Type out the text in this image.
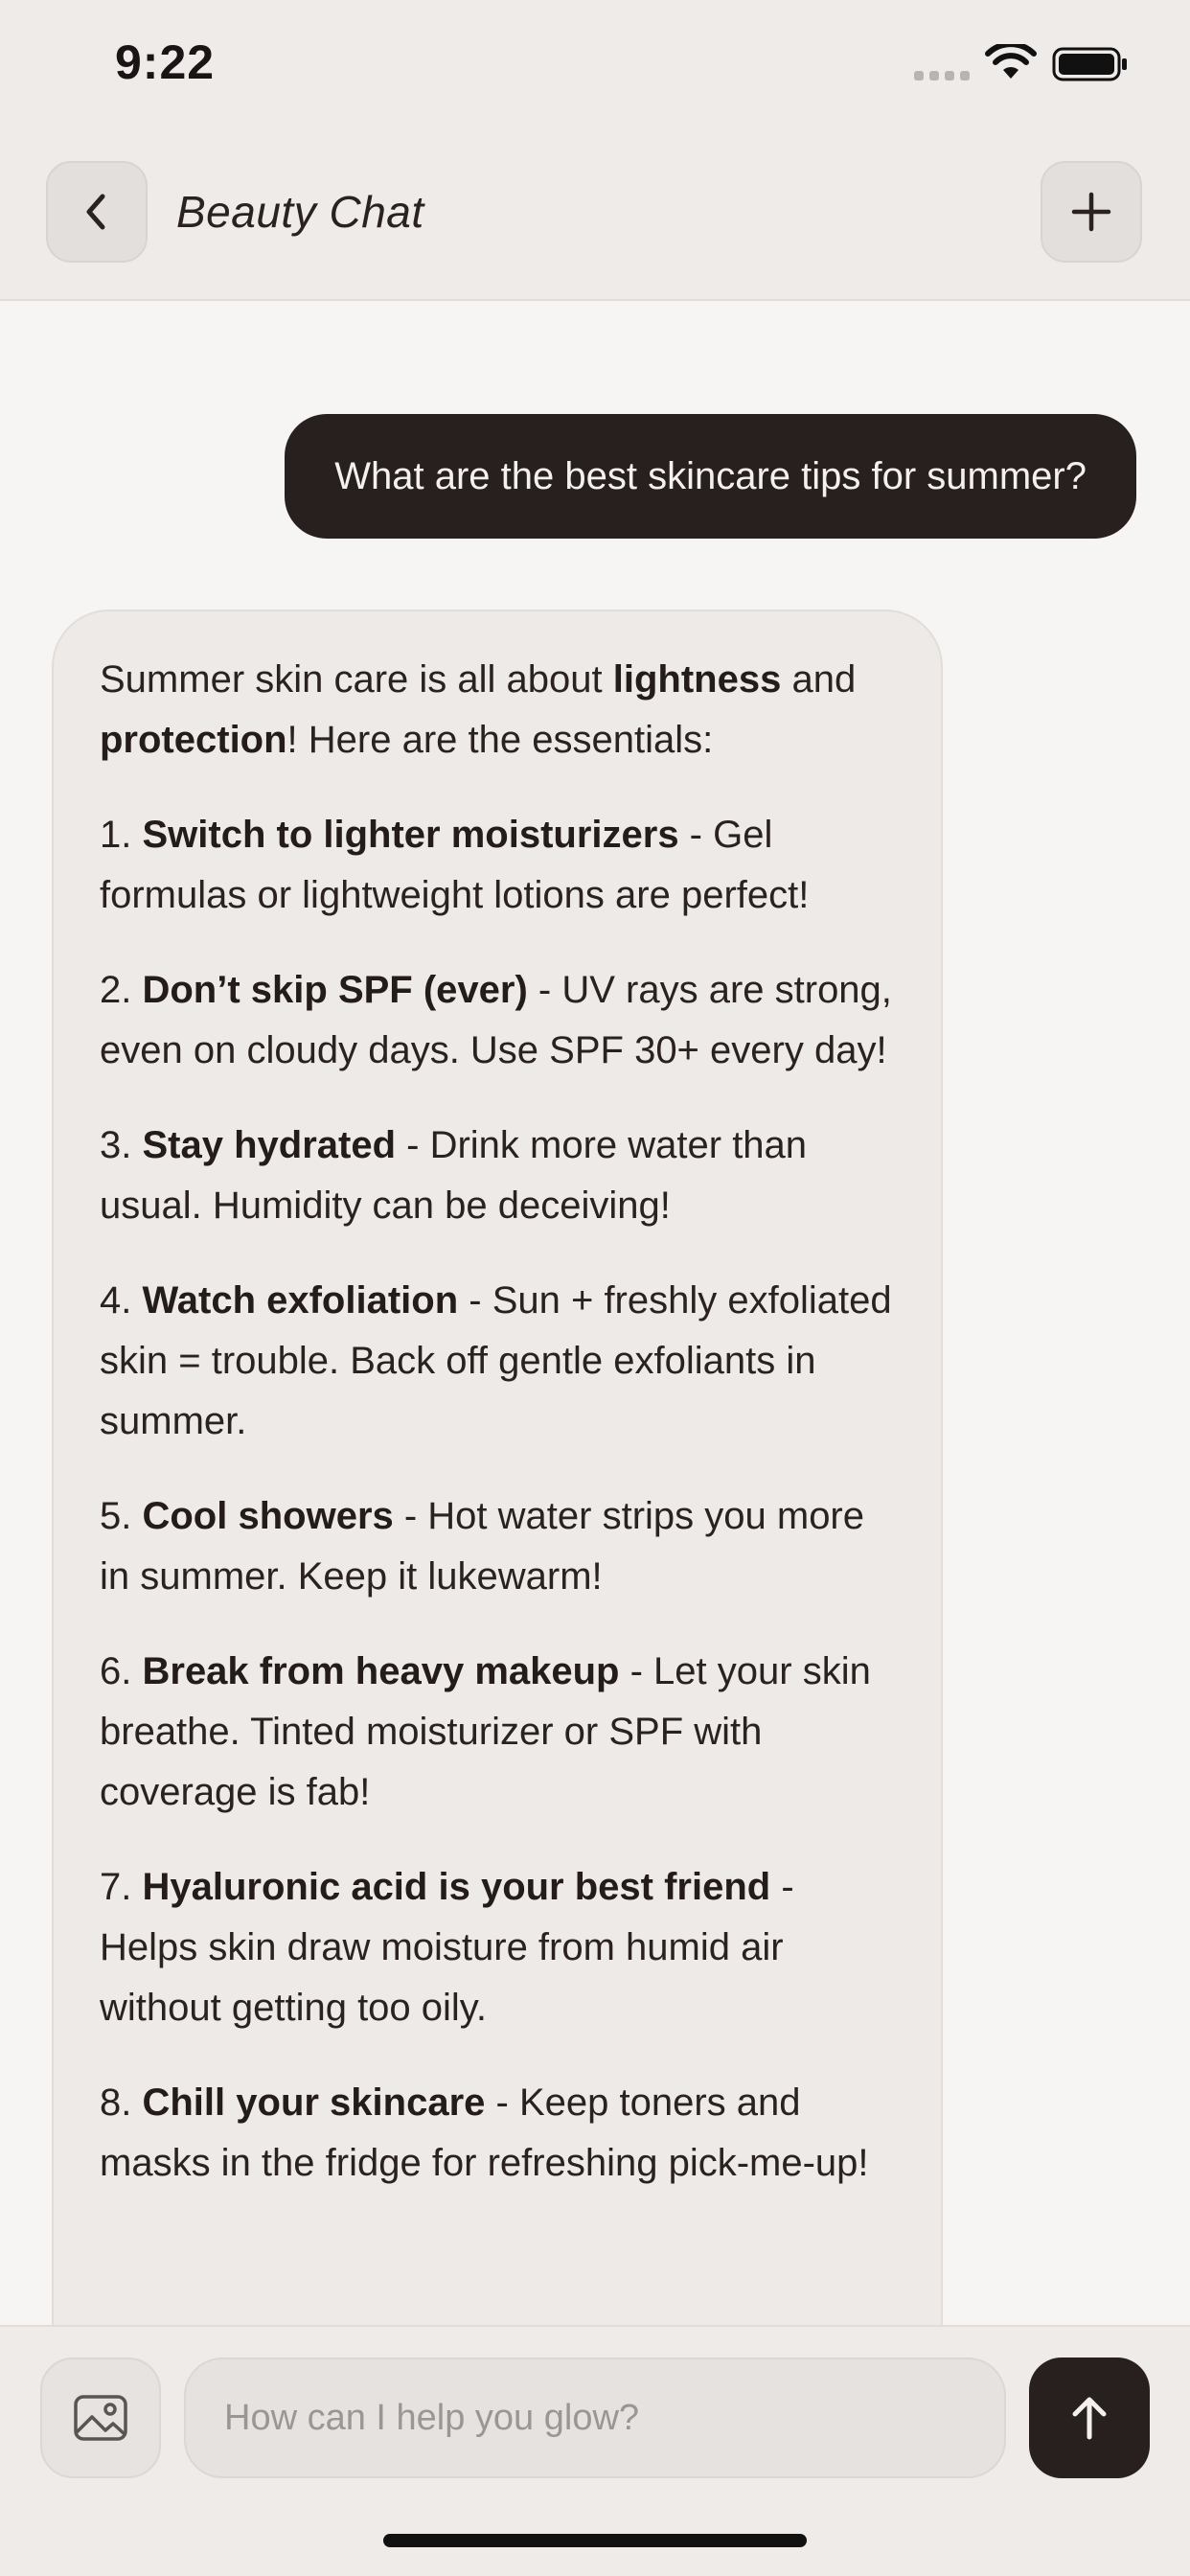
9:22
Beauty Chat
What are the best skincare tips for summer?

Summer skin care is all about lightness and protection! Here are the essentials:

1. Switch to lighter moisturizers - Gel formulas or lightweight lotions are perfect!

2. Don’t skip SPF (ever) - UV rays are strong, even on cloudy days. Use SPF 30+ every day!

3. Stay hydrated - Drink more water than usual. Humidity can be deceiving!

4. Watch exfoliation - Sun + freshly exfoliated skin = trouble. Back off gentle exfoliants in summer.

5. Cool showers - Hot water strips you more in summer. Keep it lukewarm!

6. Break from heavy makeup - Let your skin breathe. Tinted moisturizer or SPF with coverage is fab!

7. Hyaluronic acid is your best friend - Helps skin draw moisture from humid air without getting too oily.

8. Chill your skincare - Keep toners and masks in the fridge for refreshing pick-me-up!

How can I help you glow?
